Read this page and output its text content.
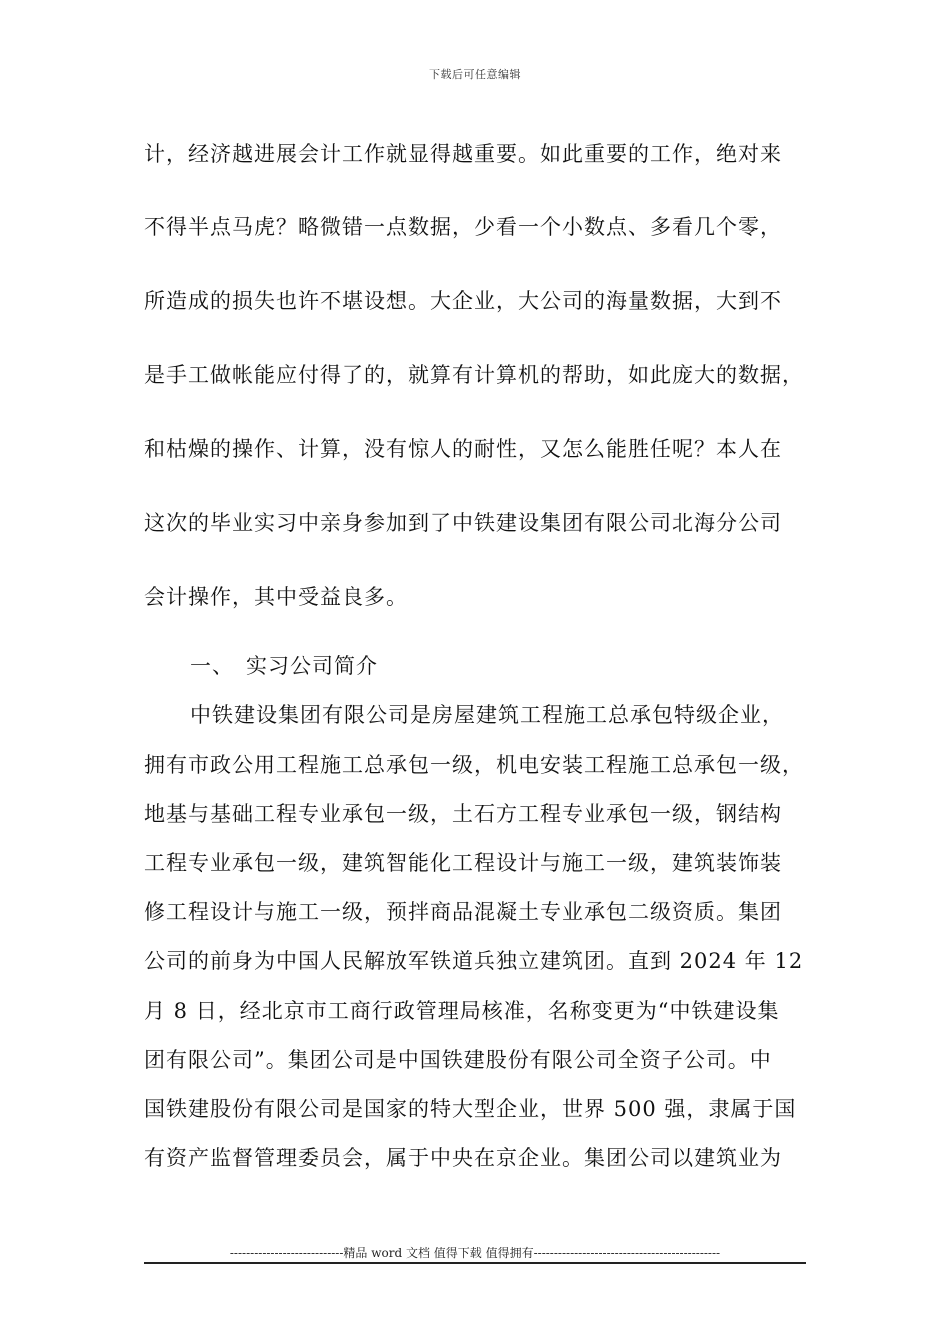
下载后可任意编辑
计，经济越进展会计工作就显得越重要。如此重要的工作，绝对来
不得半点马虎？略微错一点数据，少看一个小数点、多看几个零，
所造成的损失也许不堪设想。大企业，大公司的海量数据，大到不
是手工做帐能应付得了的，就算有计算机的帮助，如此庞大的数据，
和枯燥的操作、计算，没有惊人的耐性，又怎么能胜任呢？本人在
这次的毕业实习中亲身参加到了中铁建设集团有限公司北海分公司
会计操作，其中受益良多。
一、 实习公司简介
中铁建设集团有限公司是房屋建筑工程施工总承包特级企业，
拥有市政公用工程施工总承包一级，机电安装工程施工总承包一级，
地基与基础工程专业承包一级，土石方工程专业承包一级，钢结构
工程专业承包一级，建筑智能化工程设计与施工一级，建筑装饰装
修工程设计与施工一级，预拌商品混凝土专业承包二级资质。集团
公司的前身为中国人民解放军铁道兵独立建筑团。直到 2024 年 12
月 8 日，经北京市工商行政管理局核准，名称变更为“中铁建设集
团有限公司”。集团公司是中国铁建股份有限公司全资子公司。中
国铁建股份有限公司是国家的特大型企业，世界 500 强，隶属于国
有资产监督管理委员会，属于中央在京企业。集团公司以建筑业为
----------------------------精品 word 文档 值得下载 值得拥有----------------------------------------------
